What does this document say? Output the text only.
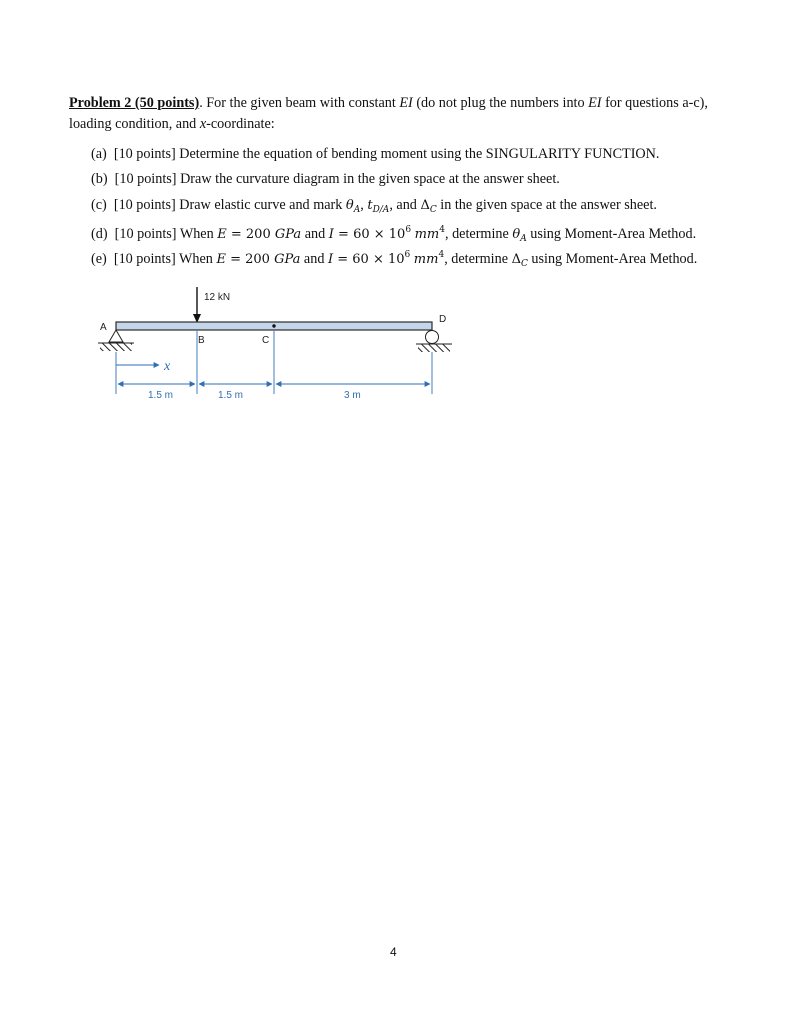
Problem 2 (50 points). For the given beam with constant EI (do not plug the numbers into EI for questions a-c), loading condition, and x-coordinate:

(a) [10 points] Determine the equation of bending moment using the SINGULARITY FUNCTION.
(b) [10 points] Draw the curvature diagram in the given space at the answer sheet.
(c) [10 points] Draw elastic curve and mark $\theta_A$, $t_{D/A}$, and $\Delta_C$ in the given space at the answer sheet.
(d) [10 points] When E = 200 GPa and $I = 60 \times 10^6$ $mm^4$, determine $\theta_A$ using Moment-Area Method.
(e) [10 points] When E = 200 GPa and $I = 60 \times 10^6$ $mm^4$, determine $\Delta_C$ using Moment-Area Method.
12 kN
A
B	C
D
x
1.5 m	1.5 m	3 m
4
